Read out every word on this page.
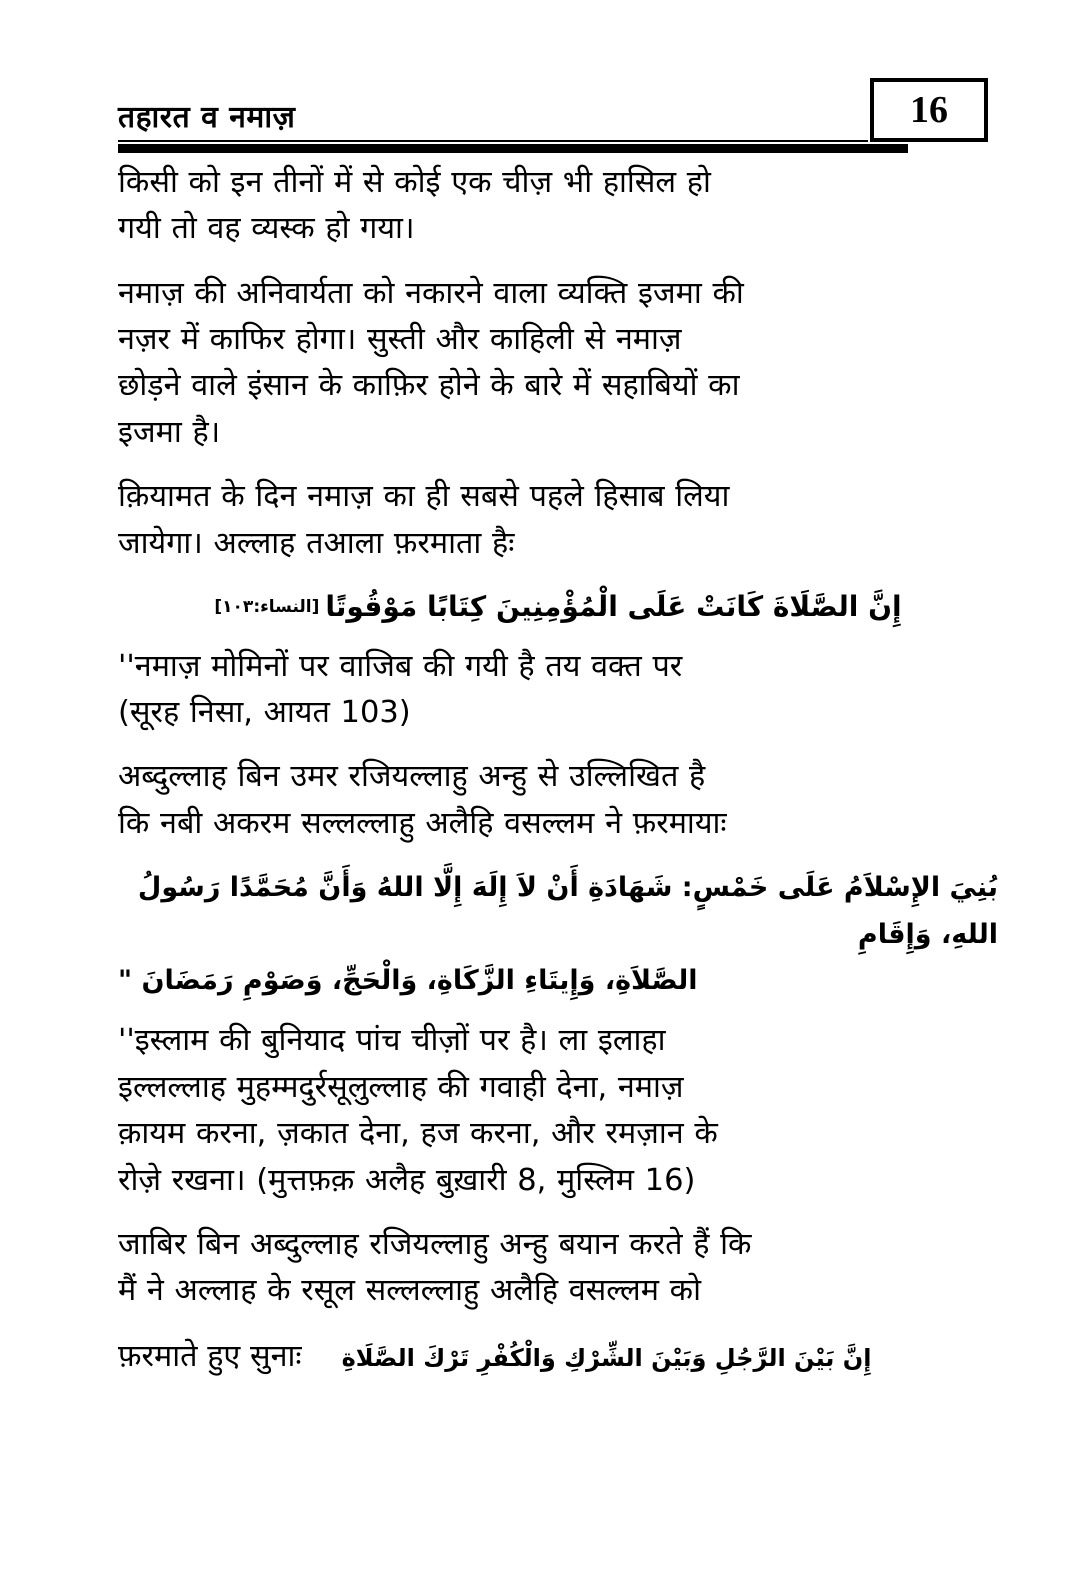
तहारत व नमाज़	16

किसी को इन तीनों में से कोई एक चीज़ भी हासिल हो
गयी तो वह व्यस्क हो गया।

नमाज़ की अनिवार्यता को नकारने वाला व्यक्ति इजमा की
नज़र में काफिर होगा। सुस्ती और काहिली से नमाज़
छोड़ने वाले इंसान के काफ़िर होने के बारे में सहाबियों का
इजमा है।

क़ियामत के दिन नमाज़ का ही सबसे पहले हिसाब लिया
जायेगा। अल्लाह तआला फ़रमाता हैः

إِنَّ الصَّلَاةَ كَانَتْ عَلَى الْمُؤْمِنِينَ كِتَابًا مَوْقُوتًا[النساء:١٠٣]

''नमाज़ मोमिनों पर वाजिब की गयी है तय वक्त पर
(सूरह निसा, आयत 103)

अब्दुल्लाह बिन उमर रजियल्लाहु अन्हु से उल्लिखित है
कि नबी अकरम सल्लल्लाहु अलैहि वसल्लम ने फ़रमायाः

بُنِيَ الإِسْلاَمُ عَلَى خَمْسٍ: شَهَادَةِ أَنْ لاَ إِلَهَ إِلَّا اللهُ وَأَنَّ مُحَمَّدًا رَسُولُ اللهِ، وَإِقَامِ
الصَّلاَةِ، وَإِيتَاءِ الزَّكَاةِ، وَالْحَجِّ، وَصَوْمِ رَمَضَانَ "

''इस्लाम की बुनियाद पांच चीज़ों पर है। ला इलाहा
इल्लल्लाह मुहम्मदुर्रसूलुल्लाह की गवाही देना, नमाज़
क़ायम करना, ज़कात देना, हज करना, और रमज़ान के
रोज़े रखना। (मुत्तफ़क़ अलैह बुख़ारी 8, मुस्लिम 16)

जाबिर बिन अब्दुल्लाह रजियल्लाहु अन्हु बयान करते हैं कि
मैं ने अल्लाह के रसूल सल्लल्लाहु अलैहि वसल्लम को

फ़रमाते हुए सुनाः إِنَّ بَيْنَ الرَّجُلِ وَبَيْنَ الشِّرْكِ وَالْكُفْرِ تَرْكَ الصَّلَاةِ
